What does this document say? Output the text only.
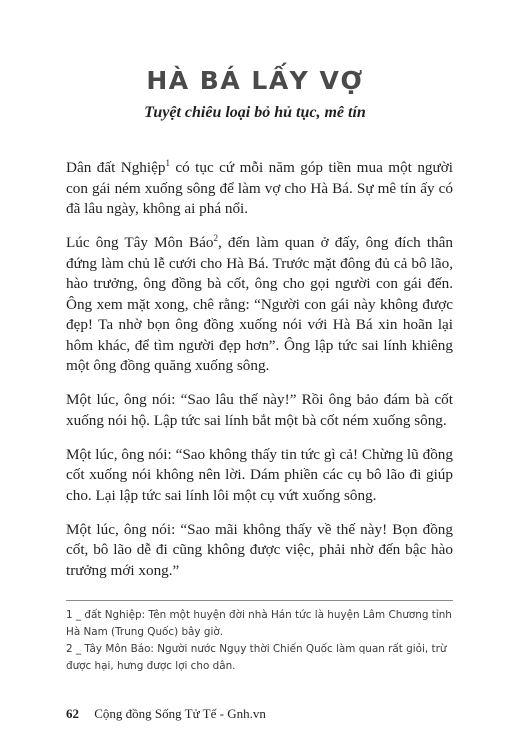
HÀ BÁ LẤY VỢ

Tuyệt chiêu loại bỏ hủ tục, mê tín

Dân đất Nghiệp$^1$ có tục cứ mỗi năm góp tiền mua một người con gái ném xuống sông để làm vợ cho Hà Bá. Sự mê tín ấy có đã lâu ngày, không ai phá nổi.

Lúc ông Tây Môn Báo$^2$, đến làm quan ở đấy, ông đích thân đứng làm chủ lễ cưới cho Hà Bá. Trước mặt đông đủ cả bô lão, hào trưởng, ông đồng bà cốt, ông cho gọi người con gái đến. Ông xem mặt xong, chê rằng: “Người con gái này không được đẹp! Ta nhờ bọn ông đồng xuống nói với Hà Bá xin hoãn lại hôm khác, để tìm người đẹp hơn”. Ông lập tức sai lính khiêng một ông đồng quăng xuống sông.

Một lúc, ông nói: “Sao lâu thế này!” Rồi ông bảo đám bà cốt xuống nói hộ. Lập tức sai lính bắt một bà cốt ném xuống sông.

Một lúc, ông nói: “Sao không thấy tin tức gì cả! Chừng lũ đồng cốt xuống nói không nên lời. Dám phiền các cụ bô lão đi giúp cho. Lại lập tức sai lính lôi một cụ vứt xuống sông.

Một lúc, ông nói: “Sao mãi không thấy về thế này! Bọn đồng cốt, bô lão dễ đi cũng không được việc, phải nhờ đến bậc hào trưởng mới xong.”

1 _ đất Nghiệp: Tên một huyện đời nhà Hán tức là huyện Lâm Chương tỉnh Hà Nam (Trung Quốc) bây giờ.

2 _ Tây Môn Báo: Người nước Ngụy thời Chiến Quốc làm quan rất giỏi, trừ được hại, hưng được lợi cho dân.

62 Cộng đồng Sống Tử Tế - Gnh.vn
